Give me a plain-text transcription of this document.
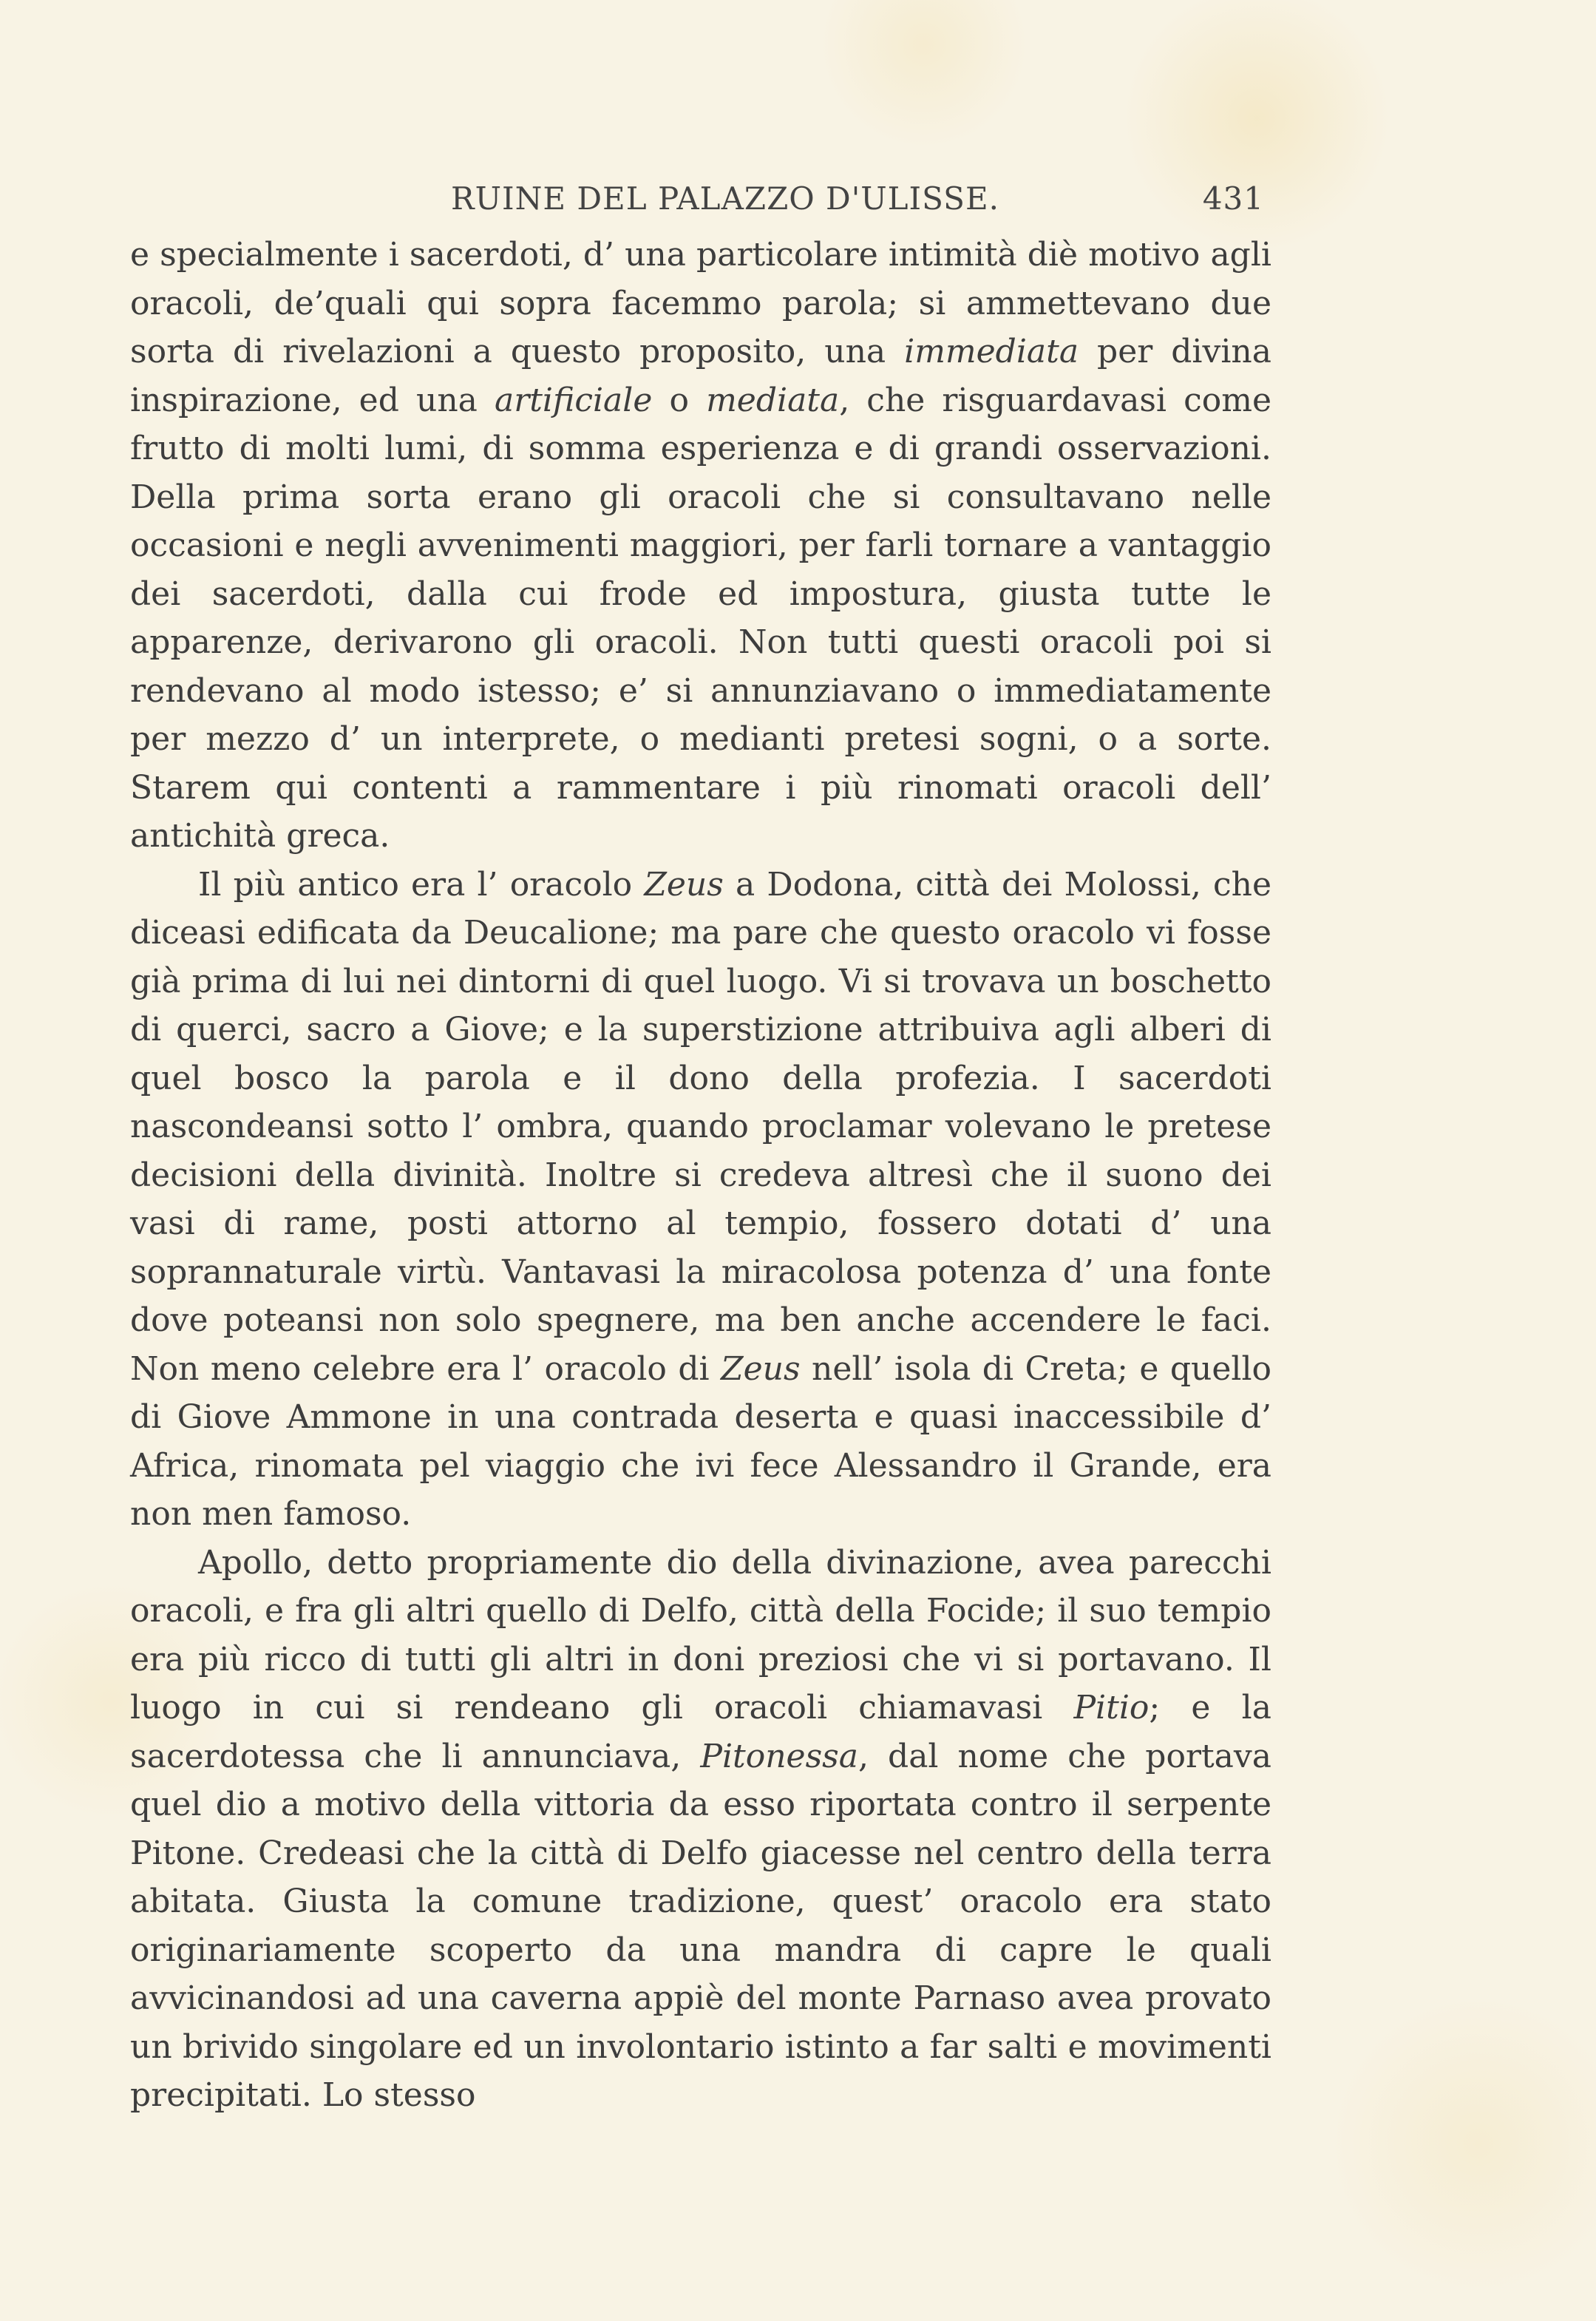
RUINE DEL PALAZZO D'ULISSE.	431

e specialmente i sacerdoti, d’ una particolare intimità diè motivo agli oracoli, de’quali qui sopra facemmo parola; si ammettevano due sorta di rivelazioni a questo proposito, una immediata per divina inspirazione, ed una artificiale o mediata, che risguardavasi come frutto di molti lumi, di somma esperienza e di grandi osservazioni. Della prima sorta erano gli oracoli che si consultavano nelle occasioni e negli avvenimenti maggiori, per farli tornare a vantaggio dei sacerdoti, dalla cui frode ed impostura, giusta tutte le apparenze, derivarono gli oracoli. Non tutti questi oracoli poi si rendevano al modo istesso; e’ si annunziavano o immediatamente per mezzo d’ un interprete, o medianti pretesi sogni, o a sorte. Starem qui contenti a rammentare i più rinomati oracoli dell’ antichità greca.

Il più antico era l’ oracolo Zeus a Dodona, città dei Molossi, che diceasi edificata da Deucalione; ma pare che questo oracolo vi fosse già prima di lui nei dintorni di quel luogo. Vi si trovava un boschetto di querci, sacro a Giove; e la superstizione attribuiva agli alberi di quel bosco la parola e il dono della profezia. I sacerdoti nascondeansi sotto l’ ombra, quando proclamar volevano le pretese decisioni della divinità. Inoltre si credeva altresì che il suono dei vasi di rame, posti attorno al tempio, fossero dotati d’ una soprannaturale virtù. Vantavasi la miracolosa potenza d’ una fonte dove poteansi non solo spegnere, ma ben anche accendere le faci. Non meno celebre era l’ oracolo di Zeus nell’ isola di Creta; e quello di Giove Ammone in una contrada deserta e quasi inaccessibile d’ Africa, rinomata pel viaggio che ivi fece Alessandro il Grande, era non men famoso.

Apollo, detto propriamente dio della divinazione, avea parecchi oracoli, e fra gli altri quello di Delfo, città della Focide; il suo tempio era più ricco di tutti gli altri in doni preziosi che vi si portavano. Il luogo in cui si rendeano gli oracoli chiamavasi Pitio; e la sacerdotessa che li annunciava, Pitonessa, dal nome che portava quel dio a motivo della vittoria da esso riportata contro il serpente Pitone. Credeasi che la città di Delfo giacesse nel centro della terra abitata. Giusta la comune tradizione, quest’ oracolo era stato originariamente scoperto da una mandra di capre le quali avvicinandosi ad una caverna appiè del monte Parnaso avea provato un brivido singolare ed un involontario istinto a far salti e movimenti precipitati. Lo stesso
